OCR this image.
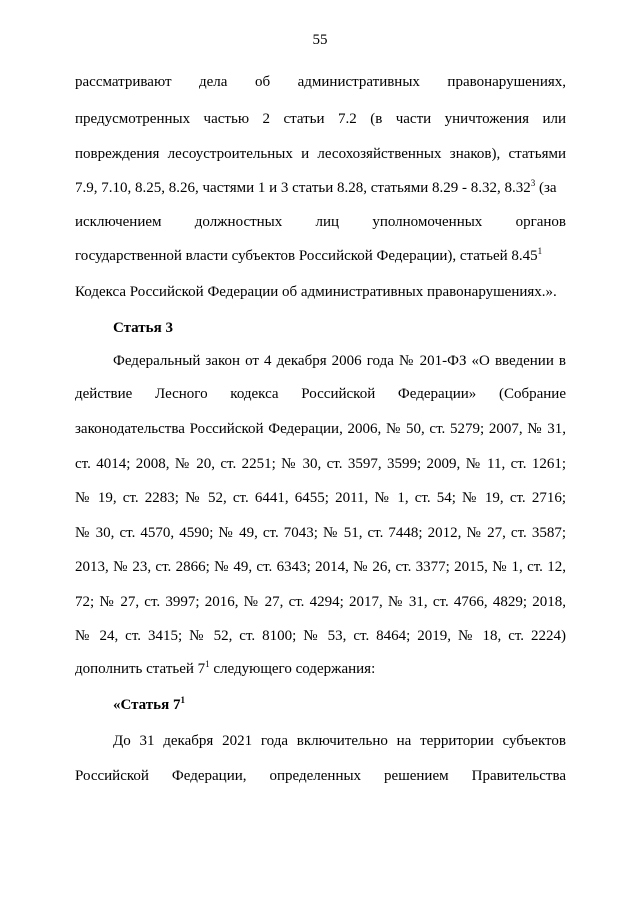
55
рассматривают дела об административных правонарушениях,
предусмотренных частью 2 статьи 7.2 (в части уничтожения или
повреждения лесоустроительных и лесохозяйственных знаков), статьями
7.9, 7.10, 8.25, 8.26, частями 1 и 3 статьи 8.28, статьями 8.29 - 8.32, 8.32$^3$ (за
исключением должностных лиц уполномоченных органов
государственной власти субъектов Российской Федерации), статьей 8.45$^1$
Кодекса Российской Федерации об административных правонарушениях.».
Статья 3
Федеральный закон от 4 декабря 2006 года № 201-ФЗ «О введении в
действие Лесного кодекса Российской Федерации» (Собрание
законодательства Российской Федерации, 2006, № 50, ст. 5279; 2007, № 31,
ст. 4014; 2008, № 20, ст. 2251; № 30, ст. 3597, 3599; 2009, № 11, ст. 1261;
№ 19, ст. 2283; № 52, ст. 6441, 6455; 2011, № 1, ст. 54; № 19, ст. 2716;
№ 30, ст. 4570, 4590; № 49, ст. 7043; № 51, ст. 7448; 2012, № 27, ст. 3587;
2013, № 23, ст. 2866; № 49, ст. 6343; 2014, № 26, ст. 3377; 2015, № 1, ст. 12,
72; № 27, ст. 3997; 2016, № 27, ст. 4294; 2017, № 31, ст. 4766, 4829; 2018,
№ 24, ст. 3415; № 52, ст. 8100; № 53, ст. 8464; 2019, № 18, ст. 2224)
дополнить статьей $7^1$ следующего содержания:
«Статья $7^1$
До 31 декабря 2021 года включительно на территории субъектов
Российской Федерации, определенных решением Правительства
